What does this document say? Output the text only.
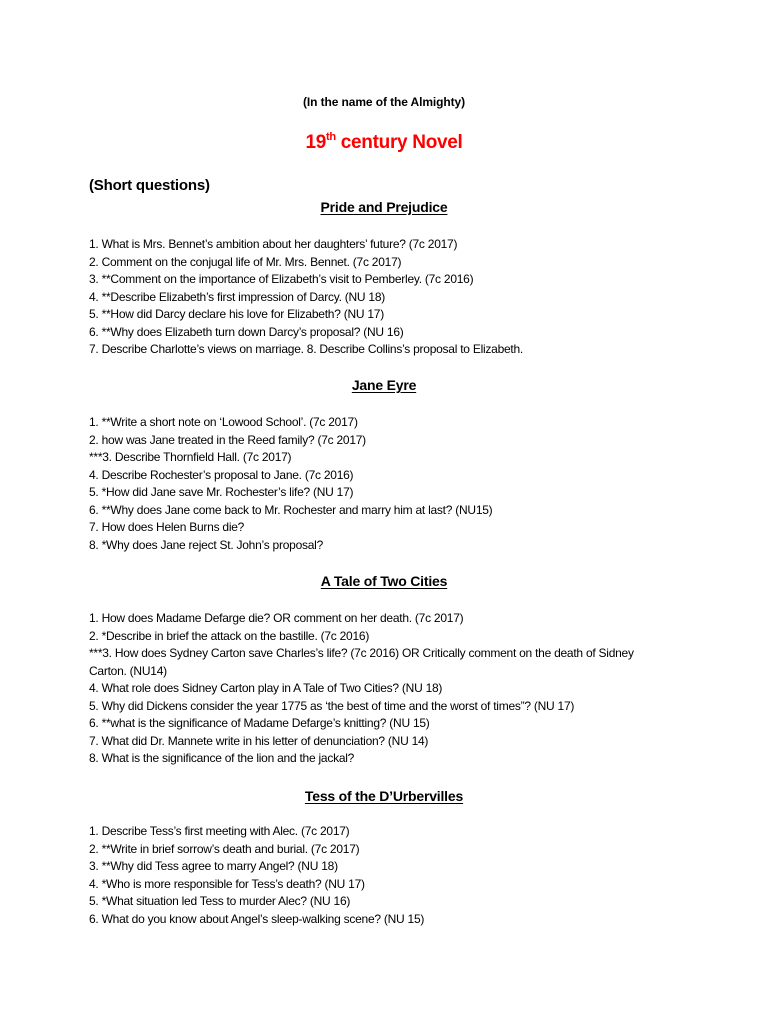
(In the name of the Almighty)
19th century Novel
(Short questions)
Pride and Prejudice
1. What is Mrs. Bennet’s ambition about her daughters’ future? (7c 2017)
2. Comment on the conjugal life of Mr. Mrs. Bennet. (7c 2017)
3. **Comment on the importance of Elizabeth’s visit to Pemberley. (7c 2016)
4. **Describe Elizabeth’s first impression of Darcy. (NU 18)
5. **How did Darcy declare his love for Elizabeth? (NU 17)
6. **Why does Elizabeth turn down Darcy’s proposal? (NU 16)
7. Describe Charlotte’s views on marriage. 8. Describe Collins’s proposal to Elizabeth.
Jane Eyre
1. **Write a short note on ‘Lowood School’. (7c 2017)
2. how was Jane treated in the Reed family? (7c 2017)
***3. Describe Thornfield Hall. (7c 2017)
4. Describe Rochester’s proposal to Jane. (7c 2016)
5. *How did Jane save Mr. Rochester’s life? (NU 17)
6. **Why does Jane come back to Mr. Rochester and marry him at last? (NU15)
7. How does Helen Burns die?
8. *Why does Jane reject St. John’s proposal?
A Tale of Two Cities
1. How does Madame Defarge die? OR comment on her death. (7c 2017)
2. *Describe in brief the attack on the bastille. (7c 2016)
***3. How does Sydney Carton save Charles’s life? (7c 2016) OR Critically comment on the death of Sidney Carton. (NU14)
4. What role does Sidney Carton play in A Tale of Two Cities? (NU 18)
5. Why did Dickens consider the year 1775 as ‘the best of time and the worst of times”? (NU 17)
6. **what is the significance of Madame Defarge’s knitting? (NU 15)
7. What did Dr. Mannete write in his letter of denunciation? (NU 14)
8. What is the significance of the lion and the jackal?
Tess of the D’Urbervilles
1. Describe Tess’s first meeting with Alec. (7c 2017)
2. **Write in brief sorrow’s death and burial. (7c 2017)
3. **Why did Tess agree to marry Angel? (NU 18)
4. *Who is more responsible for Tess’s death? (NU 17)
5. *What situation led Tess to murder Alec? (NU 16)
6. What do you know about Angel’s sleep-walking scene? (NU 15)
